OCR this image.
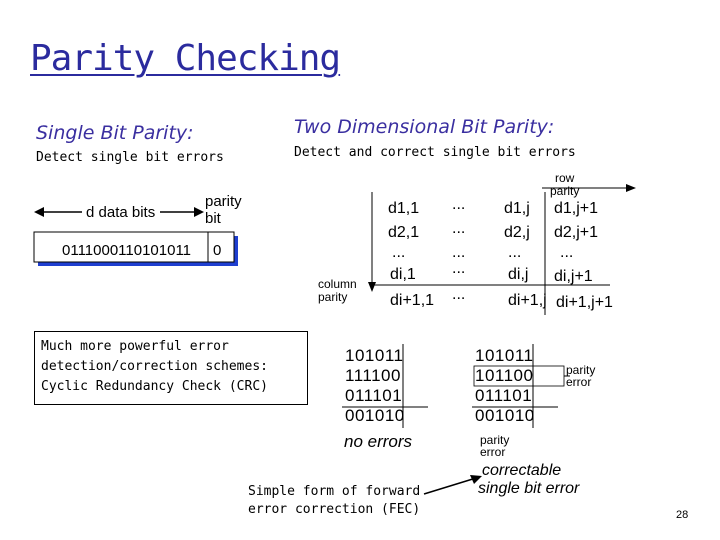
Parity Checking
Single Bit Parity:
Detect single bit errors
d data bits
parity
bit
0111000110101011 0
Two Dimensional Bit Parity:
Detect and correct single bit errors
row
parity
column
parity
d1,1 ... d1,j d1,j+1
d2,1 ... d2,j d2,j+1
...	...	... ...
di,1 ...	di,j di,j+1
di+1,1 ...	di+1,j di+1,j+1
Much more powerful error
detection/correction schemes:
Cyclic Redundancy Check (CRC)
101011
111100
011101
001010
no errors
101011
101100
011101
001010
parity
error
parity
error
correctable
single bit error
Simple form of forward
error correction (FEC)	28
